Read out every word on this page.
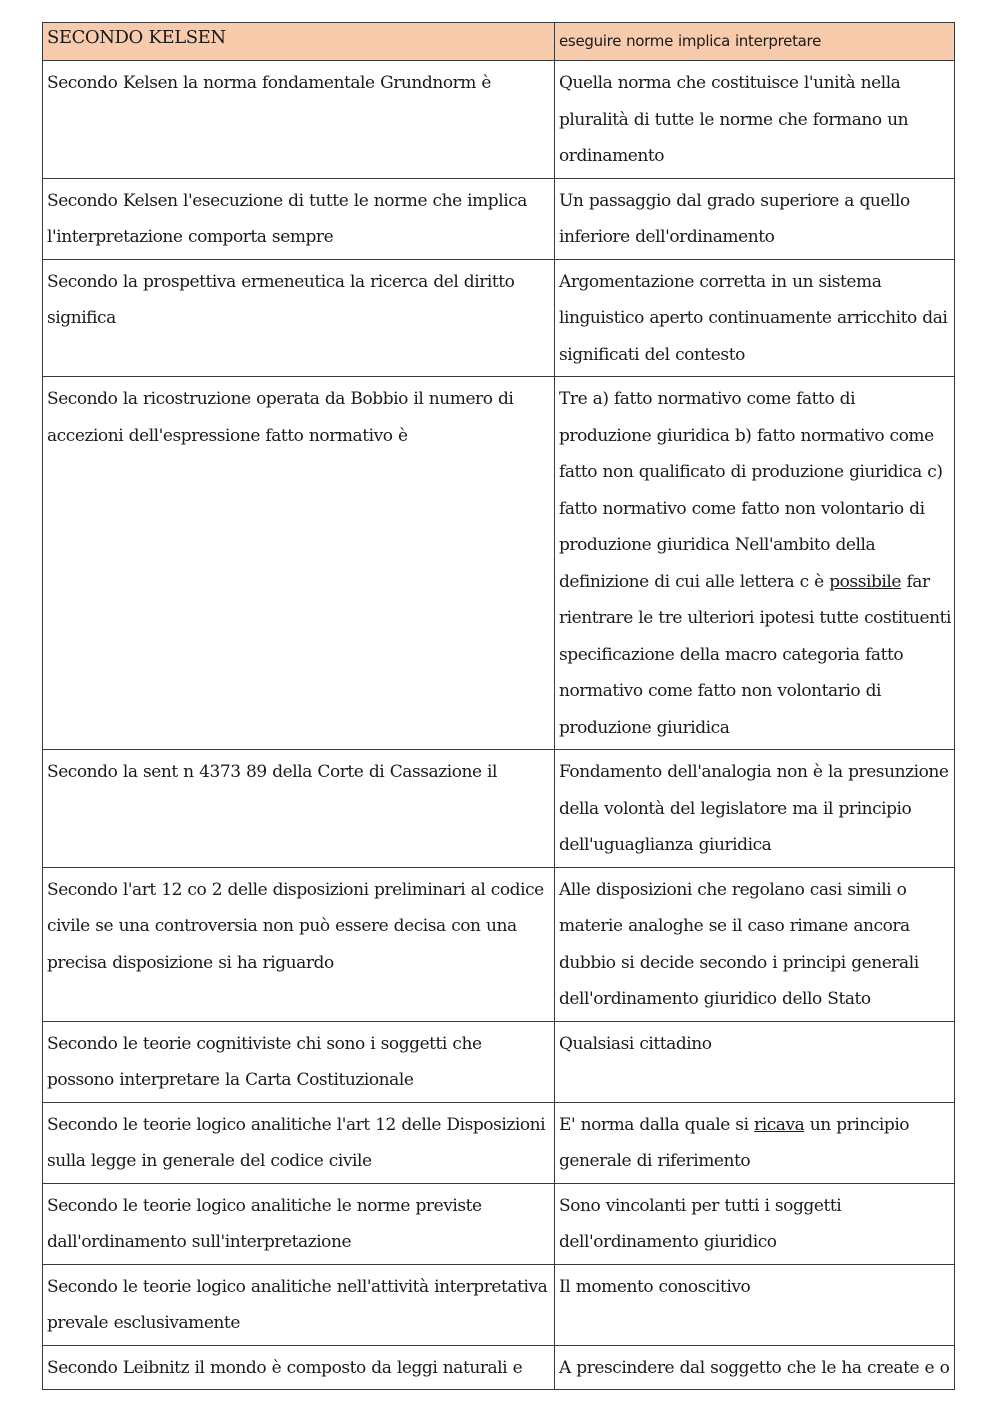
SECONDO KELSEN	eseguire norme implica interpretare
Secondo Kelsen la norma fondamentale Grundnorm è	Quella norma che costituisce l'unità nella pluralità di tutte le norme che formano un ordinamento
Secondo Kelsen l'esecuzione di tutte le norme che implica l'interpretazione comporta sempre	Un passaggio dal grado superiore a quello inferiore dell'ordinamento
Secondo la prospettiva ermeneutica la ricerca del diritto significa	Argomentazione corretta in un sistema linguistico aperto continuamente arricchito dai significati del contesto
Secondo la ricostruzione operata da Bobbio il numero di accezioni dell'espressione fatto normativo è	Tre a) fatto normativo come fatto di produzione giuridica b) fatto normativo come fatto non qualificato di produzione giuridica c) fatto normativo come fatto non volontario di produzione giuridica Nell'ambito della definizione di cui alle lettera c è possibile far rientrare le tre ulteriori ipotesi tutte costituenti specificazione della macro categoria fatto normativo come fatto non volontario di produzione giuridica
Secondo la sent n 4373 89 della Corte di Cassazione il	Fondamento dell'analogia non è la presunzione della volontà del legislatore ma il principio dell'uguaglianza giuridica
Secondo l'art 12 co 2 delle disposizioni preliminari al codice civile se una controversia non può essere decisa con una precisa disposizione si ha riguardo	Alle disposizioni che regolano casi simili o materie analoghe se il caso rimane ancora dubbio si decide secondo i principi generali dell'ordinamento giuridico dello Stato
Secondo le teorie cognitiviste chi sono i soggetti che possono interpretare la Carta Costituzionale	Qualsiasi cittadino
Secondo le teorie logico analitiche l'art 12 delle Disposizioni sulla legge in generale del codice civile	E' norma dalla quale si ricava un principio generale di riferimento
Secondo le teorie logico analitiche le norme previste dall'ordinamento sull'interpretazione	Sono vincolanti per tutti i soggetti dell'ordinamento giuridico
Secondo le teorie logico analitiche nell'attività interpretativa prevale esclusivamente	Il momento conoscitivo
Secondo Leibnitz il mondo è composto da leggi naturali e	A prescindere dal soggetto che le ha create e o
